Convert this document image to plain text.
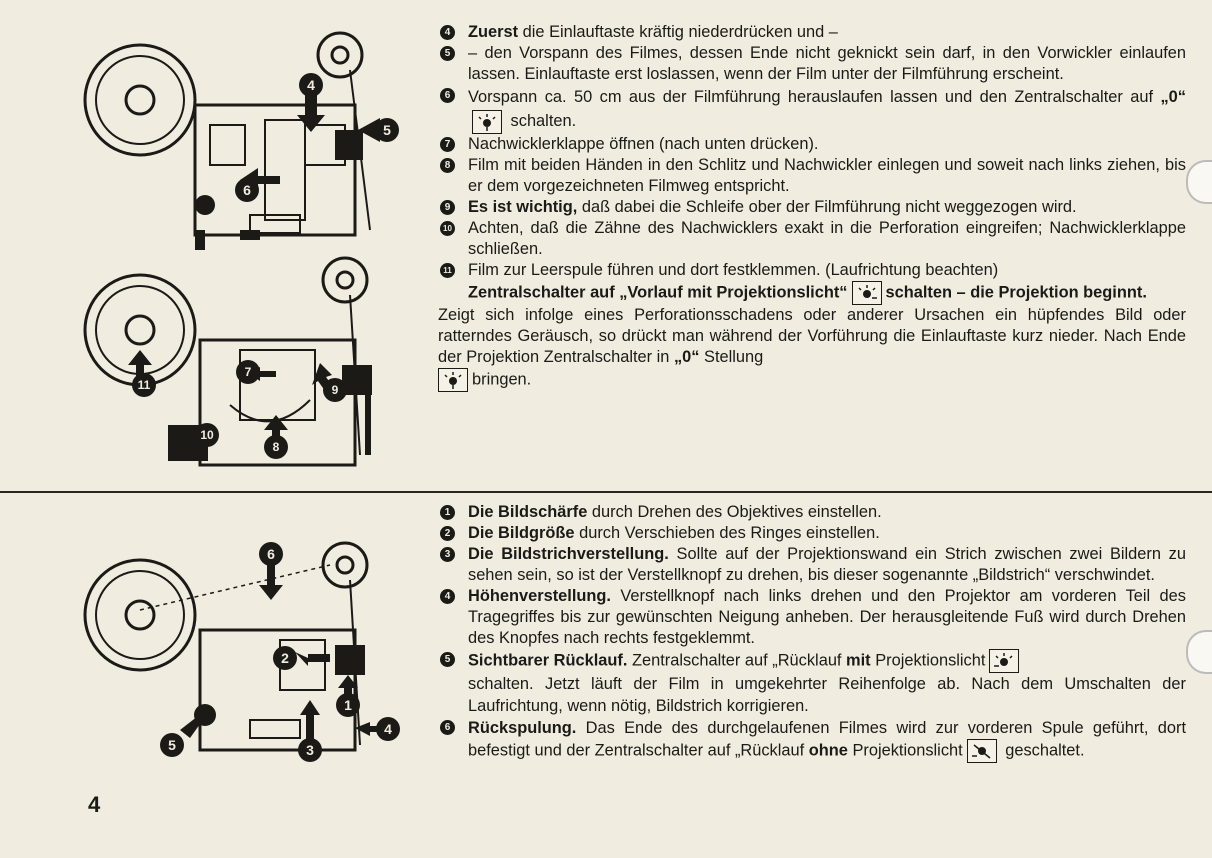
4
5
6
11
7
9
10
8
6
2
1
5	3
4

4 Zuerst die Einlauftaste kräftig niederdrücken und –

5 – den Vorspann des Filmes, dessen Ende nicht geknickt sein darf, in den Vorwickler einlaufen lassen. Einlauftaste erst loslassen, wenn der Film unter der Filmführung erscheint.

6 Vorspann ca. 50 cm aus der Filmführung herauslaufen lassen und den Zentralschalter auf „0“
schalten.

7 Nachwicklerklappe öffnen (nach unten drücken).

8 Film mit beiden Händen in den Schlitz und Nachwickler einlegen und soweit nach links ziehen, bis er dem vorgezeichneten Filmweg entspricht.

9 Es ist wichtig, daß dabei die Schleife ober der Filmführung nicht weggezogen wird.

10 Achten, daß die Zähne des Nachwicklers exakt in die Perforation eingreifen; Nachwicklerklappe schließen.

11 Film zur Leerspule führen und dort festklemmen. (Laufrichtung beachten)
Zentralschalter auf „Vorlauf mit Projektionslicht“ schalten – die Projektion beginnt.

Zeigt sich infolge eines Perforationsschadens oder anderer Ursachen ein hüpfendes Bild oder ratterndes Geräusch, so drückt man während der Vorführung die Einlauftaste kurz nieder. Nach Ende der Projektion Zentralschalter in „0“ Stellung

bringen.

1 Die Bildschärfe durch Drehen des Objektives einstellen.

2 Die Bildgröße durch Verschieben des Ringes einstellen.

3 Die Bildstrichverstellung. Sollte auf der Projektionswand ein Strich zwischen zwei Bildern zu sehen sein, so ist der Verstellknopf zu drehen, bis dieser sogenannte „Bildstrich“ verschwindet.

4 Höhenverstellung. Verstellknopf nach links drehen und den Projektor am vorderen Teil des Tragegriffes bis zur gewünschten Neigung anheben. Der herausgleitende Fuß wird durch Drehen des Knopfes nach rechts festgeklemmt.

5 Sichtbarer Rücklauf. Zentralschalter auf „Rücklauf mit Projektionslicht

schalten. Jetzt läuft der Film in umgekehrter Reihenfolge ab. Nach dem Umschalten der Laufrichtung, wenn nötig, Bildstrich korrigieren.

6 Rückspulung. Das Ende des durchgelaufenen Filmes wird zur vorderen Spule geführt, dort befestigt und der Zentralschalter auf „Rücklauf ohne Projektionslicht
geschaltet.

4
